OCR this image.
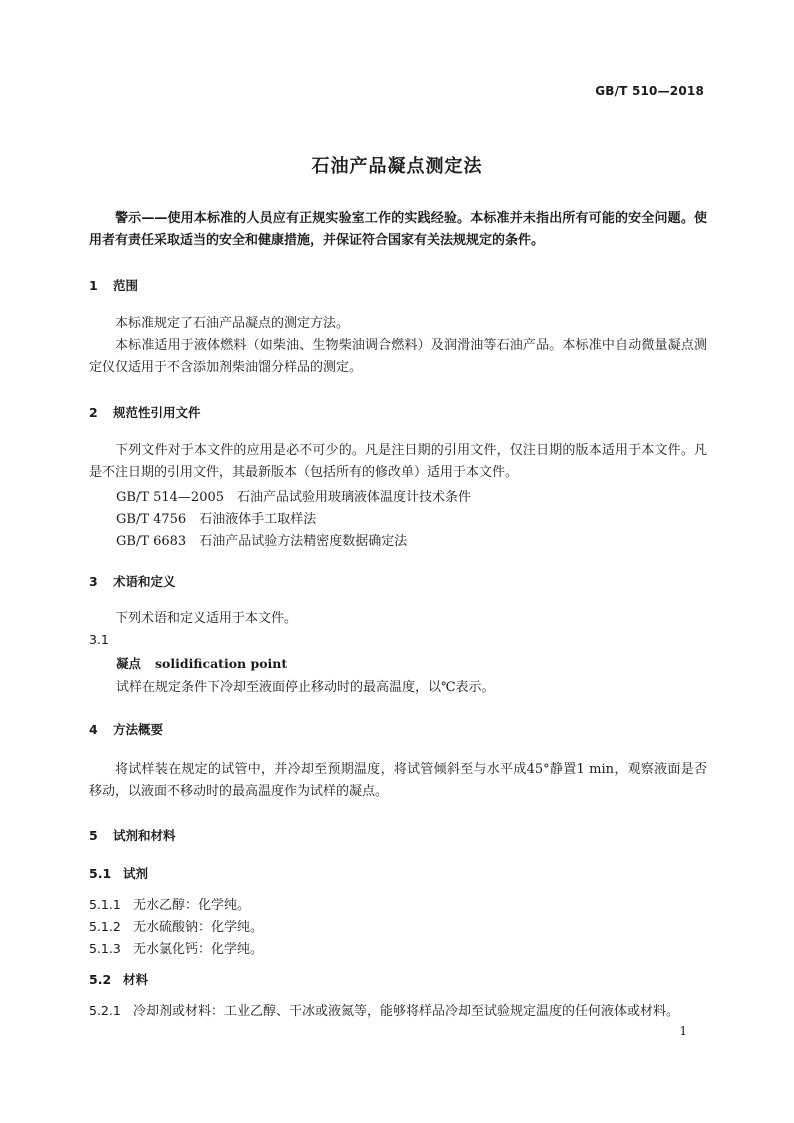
GB/T 510—2018
石油产品凝点测定法
警示——使用本标准的人员应有正规实验室工作的实践经验。本标准并未指出所有可能的安全问题。使用者有责任采取适当的安全和健康措施，并保证符合国家有关法规规定的条件。
1 范围
本标准规定了石油产品凝点的测定方法。
本标准适用于液体燃料（如柴油、生物柴油调合燃料）及润滑油等石油产品。本标准中自动微量凝点测定仪仅适用于不含添加剂柴油馏分样品的测定。
2 规范性引用文件
下列文件对于本文件的应用是必不可少的。凡是注日期的引用文件，仅注日期的版本适用于本文件。凡是不注日期的引用文件，其最新版本（包括所有的修改单）适用于本文件。
GB/T 514—2005　 石油产品试验用玻璃液体温度计技术条件
GB/T 4756　 石油液体手工取样法
GB/T 6683　 石油产品试验方法精密度数据确定法
3 术语和定义
下列术语和定义适用于本文件。
3.1
凝点 solidification point
试样在规定条件下冷却至液面停止移动时的最高温度，以℃表示。
4 方法概要
将试样装在规定的试管中，并冷却至预期温度，将试管倾斜至与水平成45°静置1 min，观察液面是否移动，以液面不移动时的最高温度作为试样的凝点。
5 试剂和材料
5.1 试剂
5.1.1 无水乙醇：化学纯。
5.1.2 无水硫酸钠：化学纯。
5.1.3 无水氯化钙：化学纯。
5.2 材料
5.2.1 冷却剂或材料：工业乙醇、干冰或液氮等，能够将样品冷却至试验规定温度的任何液体或材料。
1
